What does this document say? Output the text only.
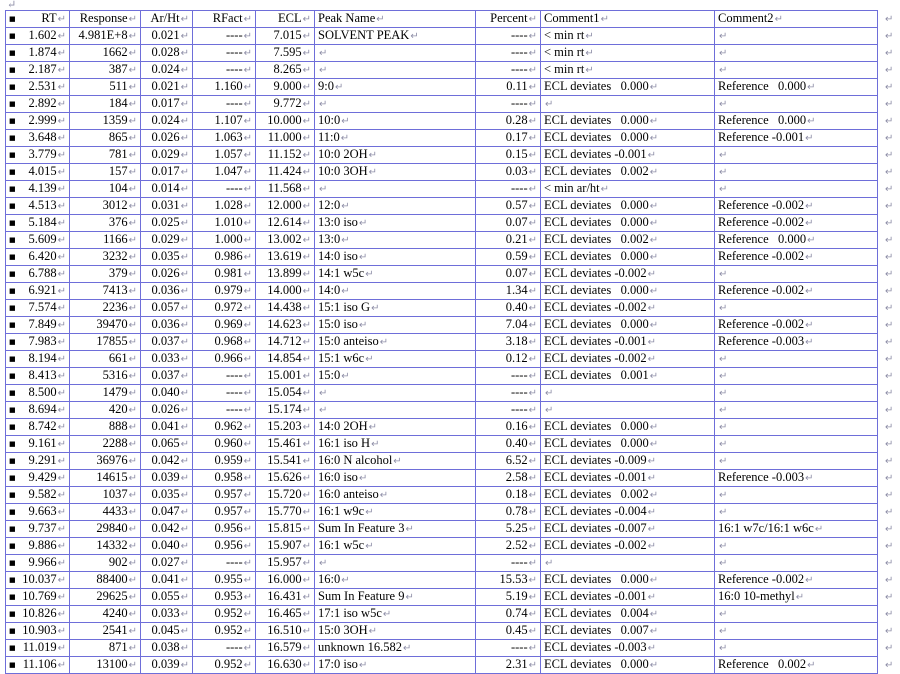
↵
■ RT↵	Response↵	Ar/Ht↵	RFact↵	ECL↵	Peak Name↵	Percent↵	Comment1↵	Comment2↵	↵

■ 1.602↵	4.981E+8↵	0.021↵	----↵	7.015↵	SOLVENT PEAK↵	----↵	< min rt↵	↵	↵

■ 1.874↵	1662↵	0.028↵	----↵	7.595↵	↵	----↵	< min rt↵	↵	↵

■ 2.187↵	387↵	0.024↵	----↵	8.265↵	↵	----↵	< min rt↵	↵	↵

■ 2.531↵	511↵	0.021↵	1.160↵	9.000↵	9:0↵	0.11↵	ECL deviates   0.000↵	Reference   0.000↵	↵

■ 2.892↵	184↵	0.017↵	----↵	9.772↵	↵	----↵	↵	↵	↵

■ 2.999↵	1359↵	0.024↵	1.107↵	10.000↵	10:0↵	0.28↵	ECL deviates   0.000↵	Reference   0.000↵	↵

■ 3.648↵	865↵	0.026↵	1.063↵	11.000↵	11:0↵	0.17↵	ECL deviates   0.000↵	Reference -0.001↵	↵

■ 3.779↵	781↵	0.029↵	1.057↵	11.152↵	10:0 2OH↵	0.15↵	ECL deviates -0.001↵	↵	↵

■ 4.015↵	157↵	0.017↵	1.047↵	11.424↵	10:0 3OH↵	0.03↵	ECL deviates   0.002↵	↵	↵

■ 4.139↵	104↵	0.014↵	----↵	11.568↵	↵	----↵	< min ar/ht↵	↵	↵

■ 4.513↵	3012↵	0.031↵	1.028↵	12.000↵	12:0↵	0.57↵	ECL deviates   0.000↵	Reference -0.002↵	↵

■ 5.184↵	376↵	0.025↵	1.010↵	12.614↵	13:0 iso↵	0.07↵	ECL deviates   0.000↵	Reference -0.002↵	↵

■ 5.609↵	1166↵	0.029↵	1.000↵	13.002↵	13:0↵	0.21↵	ECL deviates   0.002↵	Reference   0.000↵	↵

■ 6.420↵	3232↵	0.035↵	0.986↵	13.619↵	14:0 iso↵	0.59↵	ECL deviates   0.000↵	Reference -0.002↵	↵

■ 6.788↵	379↵	0.026↵	0.981↵	13.899↵	14:1 w5c↵	0.07↵	ECL deviates -0.002↵	↵	↵

■ 6.921↵	7413↵	0.036↵	0.979↵	14.000↵	14:0↵	1.34↵	ECL deviates   0.000↵	Reference -0.002↵	↵

■ 7.574↵	2236↵	0.057↵	0.972↵	14.438↵	15:1 iso G↵	0.40↵	ECL deviates -0.002↵	↵	↵

■ 7.849↵	39470↵	0.036↵	0.969↵	14.623↵	15:0 iso↵	7.04↵	ECL deviates   0.000↵	Reference -0.002↵	↵

■ 7.983↵	17855↵	0.037↵	0.968↵	14.712↵	15:0 anteiso↵	3.18↵	ECL deviates -0.001↵	Reference -0.003↵	↵

■ 8.194↵	661↵	0.033↵	0.966↵	14.854↵	15:1 w6c↵	0.12↵	ECL deviates -0.002↵	↵	↵

■ 8.413↵	5316↵	0.037↵	----↵	15.001↵	15:0↵	----↵	ECL deviates   0.001↵	↵	↵

■ 8.500↵	1479↵	0.040↵	----↵	15.054↵	↵	----↵	↵	↵	↵

■ 8.694↵	420↵	0.026↵	----↵	15.174↵	↵	----↵	↵	↵	↵

■ 8.742↵	888↵	0.041↵	0.962↵	15.203↵	14:0 2OH↵	0.16↵	ECL deviates   0.000↵	↵	↵

■ 9.161↵	2288↵	0.065↵	0.960↵	15.461↵	16:1 iso H↵	0.40↵	ECL deviates   0.000↵	↵	↵

■ 9.291↵	36976↵	0.042↵	0.959↵	15.541↵	16:0 N alcohol↵	6.52↵	ECL deviates -0.009↵	↵	↵

■ 9.429↵	14615↵	0.039↵	0.958↵	15.626↵	16:0 iso↵	2.58↵	ECL deviates -0.001↵	Reference -0.003↵	↵

■ 9.582↵	1037↵	0.035↵	0.957↵	15.720↵	16:0 anteiso↵	0.18↵	ECL deviates   0.002↵	↵	↵

■ 9.663↵	4433↵	0.047↵	0.957↵	15.770↵	16:1 w9c↵	0.78↵	ECL deviates -0.004↵	↵	↵

■ 9.737↵	29840↵	0.042↵	0.956↵	15.815↵	Sum In Feature 3↵	5.25↵	ECL deviates -0.007↵	16:1 w7c/16:1 w6c↵	↵

■ 9.886↵	14332↵	0.040↵	0.956↵	15.907↵	16:1 w5c↵	2.52↵	ECL deviates -0.002↵	↵	↵

■ 9.966↵	902↵	0.027↵	----↵	15.957↵	↵	----↵	↵	↵	↵

■ 10.037↵	88400↵	0.041↵	0.955↵	16.000↵	16:0↵	15.53↵	ECL deviates   0.000↵	Reference -0.002↵	↵

■ 10.769↵	29625↵	0.055↵	0.953↵	16.431↵	Sum In Feature 9↵	5.19↵	ECL deviates -0.001↵	16:0 10-methyl↵	↵

■ 10.826↵	4240↵	0.033↵	0.952↵	16.465↵	17:1 iso w5c↵	0.74↵	ECL deviates   0.004↵	↵	↵

■ 10.903↵	2541↵	0.045↵	0.952↵	16.510↵	15:0 3OH↵	0.45↵	ECL deviates   0.007↵	↵	↵

■ 11.019↵	871↵	0.038↵	----↵	16.579↵	unknown 16.582↵	----↵	ECL deviates -0.003↵	↵	↵

■ 11.106↵	13100↵	0.039↵	0.952↵	16.630↵	17:0 iso↵	2.31↵	ECL deviates   0.000↵	Reference   0.002↵	↵
